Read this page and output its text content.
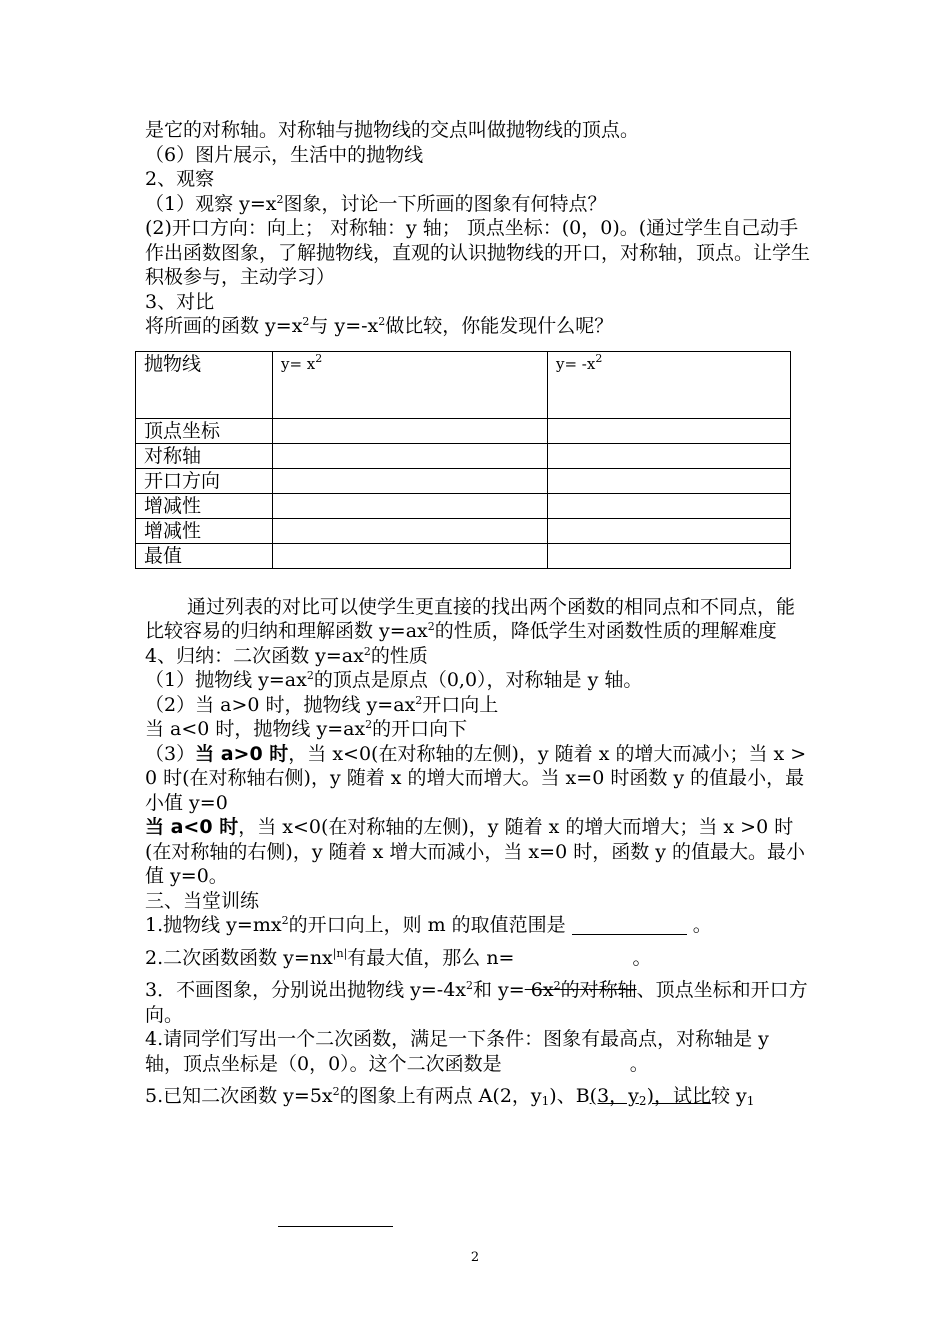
是它的对称轴。对称轴与抛物线的交点叫做抛物线的顶点。

（6）图片展示，生活中的抛物线

2、观察

（1）观察 $y=x^2$图象，讨论一下所画的图象有何特点？

(2)开口方向：向上； 对称轴：y 轴； 顶点坐标：(0，0)。(通过学生自己动手作出函数图象，了解抛物线，直观的认识抛物线的开口，对称轴，顶点。让学生积极参与，主动学习）

3、对比

将所画的函数 $y=x^2$与 $y=-x^2$做比较，你能发现什么呢？

抛物线	$y= x^2$	$y= -x^2$
顶点坐标		
对称轴		
开口方向		
增减性		
增减性		
最值		

通过列表的对比可以使学生更直接的找出两个函数的相同点和不同点，能比较容易的归纳和理解函数 $y=ax^2$的性质，降低学生对函数性质的理解难度

4、归纳：二次函数 $y=ax^2$的性质

（1）抛物线 $y=ax^2$的顶点是原点（0,0），对称轴是 y 轴。

（2）当 a>0 时，抛物线 $y=ax^2$开口向上

当 a<0 时，抛物线 $y=ax^2$的开口向下

（3）当 a>0 时，当 x<0(在对称轴的左侧)，y 随着 x 的增大而减小；当 x >0 时(在对称轴右侧)，y 随着 x 的增大而增大。当 x=0 时函数 y 的值最小，最小值 y=0

当 a<0 时，当 x<0(在对称轴的左侧)，y 随着 x 的增大而增大；当 x >0 时(在对称轴的右侧)，y 随着 x 增大而减小，当 x=0 时，函数 y 的值最大。最小值 y=0。

三、当堂训练

1.抛物线 $y=mx^2$的开口向上，则 m 的取值范围是	。

2.二次函数函数 $y=nx^{|n|}$有最大值，那么 n=	。

3．不画图象，分别说出抛物线 $y=-4x^2$和 $y= 6x^2$的对称轴、顶点坐标和开口方向。

4.请同学们写出一个二次函数，满足一下条件：图象有最高点，对称轴是 y 轴，顶点坐标是（0，0）。这个二次函数是	。

5.已知二次函数 $y=5x^2$的图象上有两点 A(2，$y_1$)、B(3，$y_2$)，试比较 $y_1$

2
